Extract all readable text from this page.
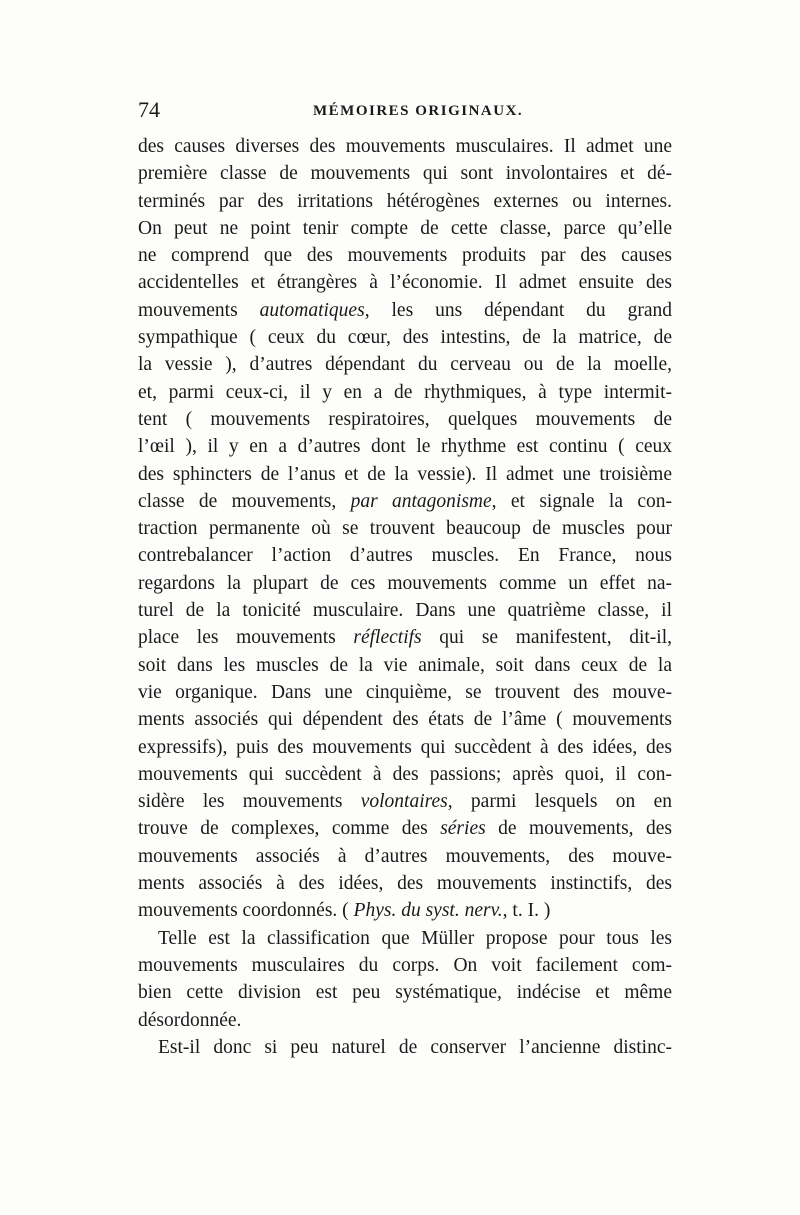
74	MÉMOIRES ORIGINAUX.
des causes diverses des mouvements musculaires. Il admet une
première classe de mouvements qui sont involontaires et dé-
terminés par des irritations hétérogènes externes ou internes.
On peut ne point tenir compte de cette classe, parce qu’elle
ne comprend que des mouvements produits par des causes
accidentelles et étrangères à l’économie. Il admet ensuite des
mouvements automatiques, les uns dépendant du grand
sympathique ( ceux du cœur, des intestins, de la matrice, de
la vessie ), d’autres dépendant du cerveau ou de la moelle,
et, parmi ceux-ci, il y en a de rhythmiques, à type intermit-
tent ( mouvements respiratoires, quelques mouvements de
l’œil ), il y en a d’autres dont le rhythme est continu ( ceux
des sphincters de l’anus et de la vessie). Il admet une troisième
classe de mouvements, par antagonisme, et signale la con-
traction permanente où se trouvent beaucoup de muscles pour
contrebalancer l’action d’autres muscles. En France, nous
regardons la plupart de ces mouvements comme un effet na-
turel de la tonicité musculaire. Dans une quatrième classe, il
place les mouvements réflectifs qui se manifestent, dit-il,
soit dans les muscles de la vie animale, soit dans ceux de la
vie organique. Dans une cinquième, se trouvent des mouve-
ments associés qui dépendent des états de l’âme ( mouvements
expressifs), puis des mouvements qui succèdent à des idées, des
mouvements qui succèdent à des passions; après quoi, il con-
sidère les mouvements volontaires, parmi lesquels on en
trouve de complexes, comme des séries de mouvements, des
mouvements associés à d’autres mouvements, des mouve-
ments associés à des idées, des mouvements instinctifs, des
mouvements coordonnés. ( Phys. du syst. nerv., t. I. )
Telle est la classification que Müller propose pour tous les
mouvements musculaires du corps. On voit facilement com-
bien cette division est peu systématique, indécise et même
désordonnée.
Est-il donc si peu naturel de conserver l’ancienne distinc-
